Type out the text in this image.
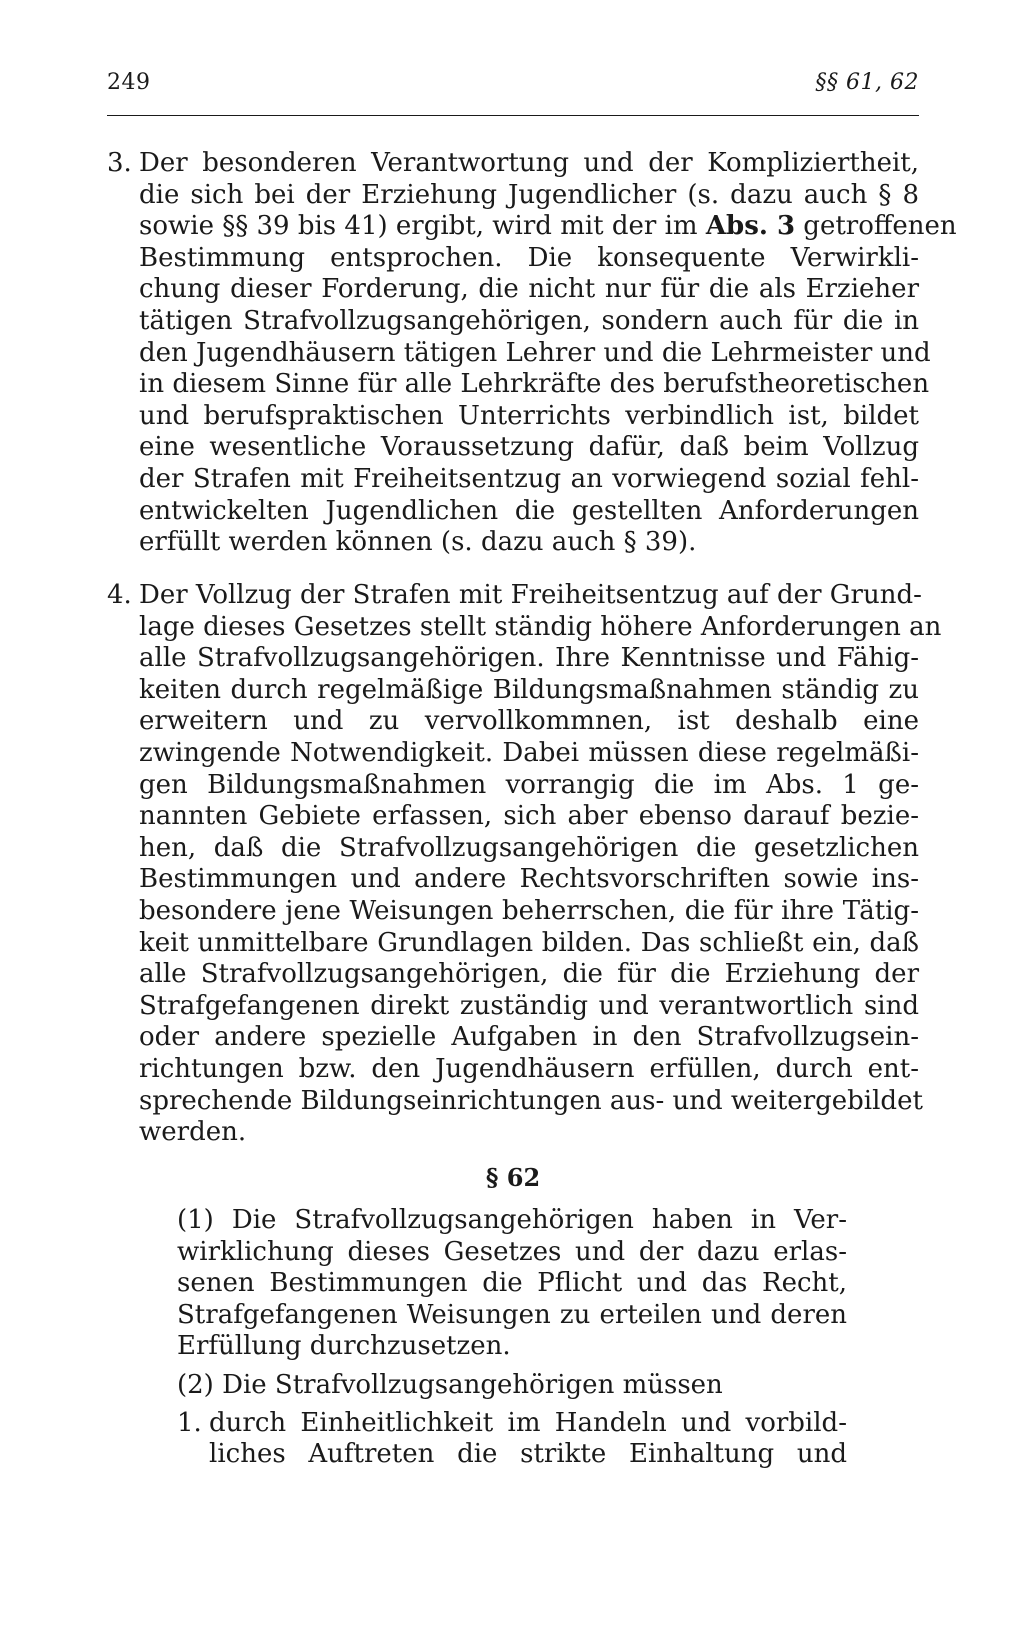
249	§§ 61, 62
3. Der besonderen Verantwortung und der Kompliziertheit,
die sich bei der Erziehung Jugendlicher (s. dazu auch § 8
sowie §§ 39 bis 41) ergibt, wird mit der im Abs. 3 getroffenen
Bestimmung entsprochen. Die konsequente Verwirkli-
chung dieser Forderung, die nicht nur für die als Erzieher
tätigen Strafvollzugsangehörigen, sondern auch für die in
den Jugendhäusern tätigen Lehrer und die Lehrmeister und
in diesem Sinne für alle Lehrkräfte des berufstheoretischen
und berufspraktischen Unterrichts verbindlich ist, bildet
eine wesentliche Voraussetzung dafür, daß beim Vollzug
der Strafen mit Freiheitsentzug an vorwiegend sozial fehl-
entwickelten Jugendlichen die gestellten Anforderungen
erfüllt werden können (s. dazu auch § 39).
4. Der Vollzug der Strafen mit Freiheitsentzug auf der Grund-
lage dieses Gesetzes stellt ständig höhere Anforderungen an
alle Strafvollzugsangehörigen. Ihre Kenntnisse und Fähig-
keiten durch regelmäßige Bildungsmaßnahmen ständig zu
erweitern und zu vervollkommnen, ist deshalb eine
zwingende Notwendigkeit. Dabei müssen diese regelmäßi-
gen Bildungsmaßnahmen vorrangig die im Abs. 1 ge-
nannten Gebiete erfassen, sich aber ebenso darauf bezie-
hen, daß die Strafvollzugsangehörigen die gesetzlichen
Bestimmungen und andere Rechtsvorschriften sowie ins-
besondere jene Weisungen beherrschen, die für ihre Tätig-
keit unmittelbare Grundlagen bilden. Das schließt ein, daß
alle Strafvollzugsangehörigen, die für die Erziehung der
Strafgefangenen direkt zuständig und verantwortlich sind
oder andere spezielle Aufgaben in den Strafvollzugsein-
richtungen bzw. den Jugendhäusern erfüllen, durch ent-
sprechende Bildungseinrichtungen aus- und weitergebildet
werden.
§ 62
(1) Die Strafvollzugsangehörigen haben in Ver-
wirklichung dieses Gesetzes und der dazu erlas-
senen Bestimmungen die Pflicht und das Recht,
Strafgefangenen Weisungen zu erteilen und deren
Erfüllung durchzusetzen.
(2) Die Strafvollzugsangehörigen müssen
1. durch Einheitlichkeit im Handeln und vorbild-
liches Auftreten die strikte Einhaltung und
